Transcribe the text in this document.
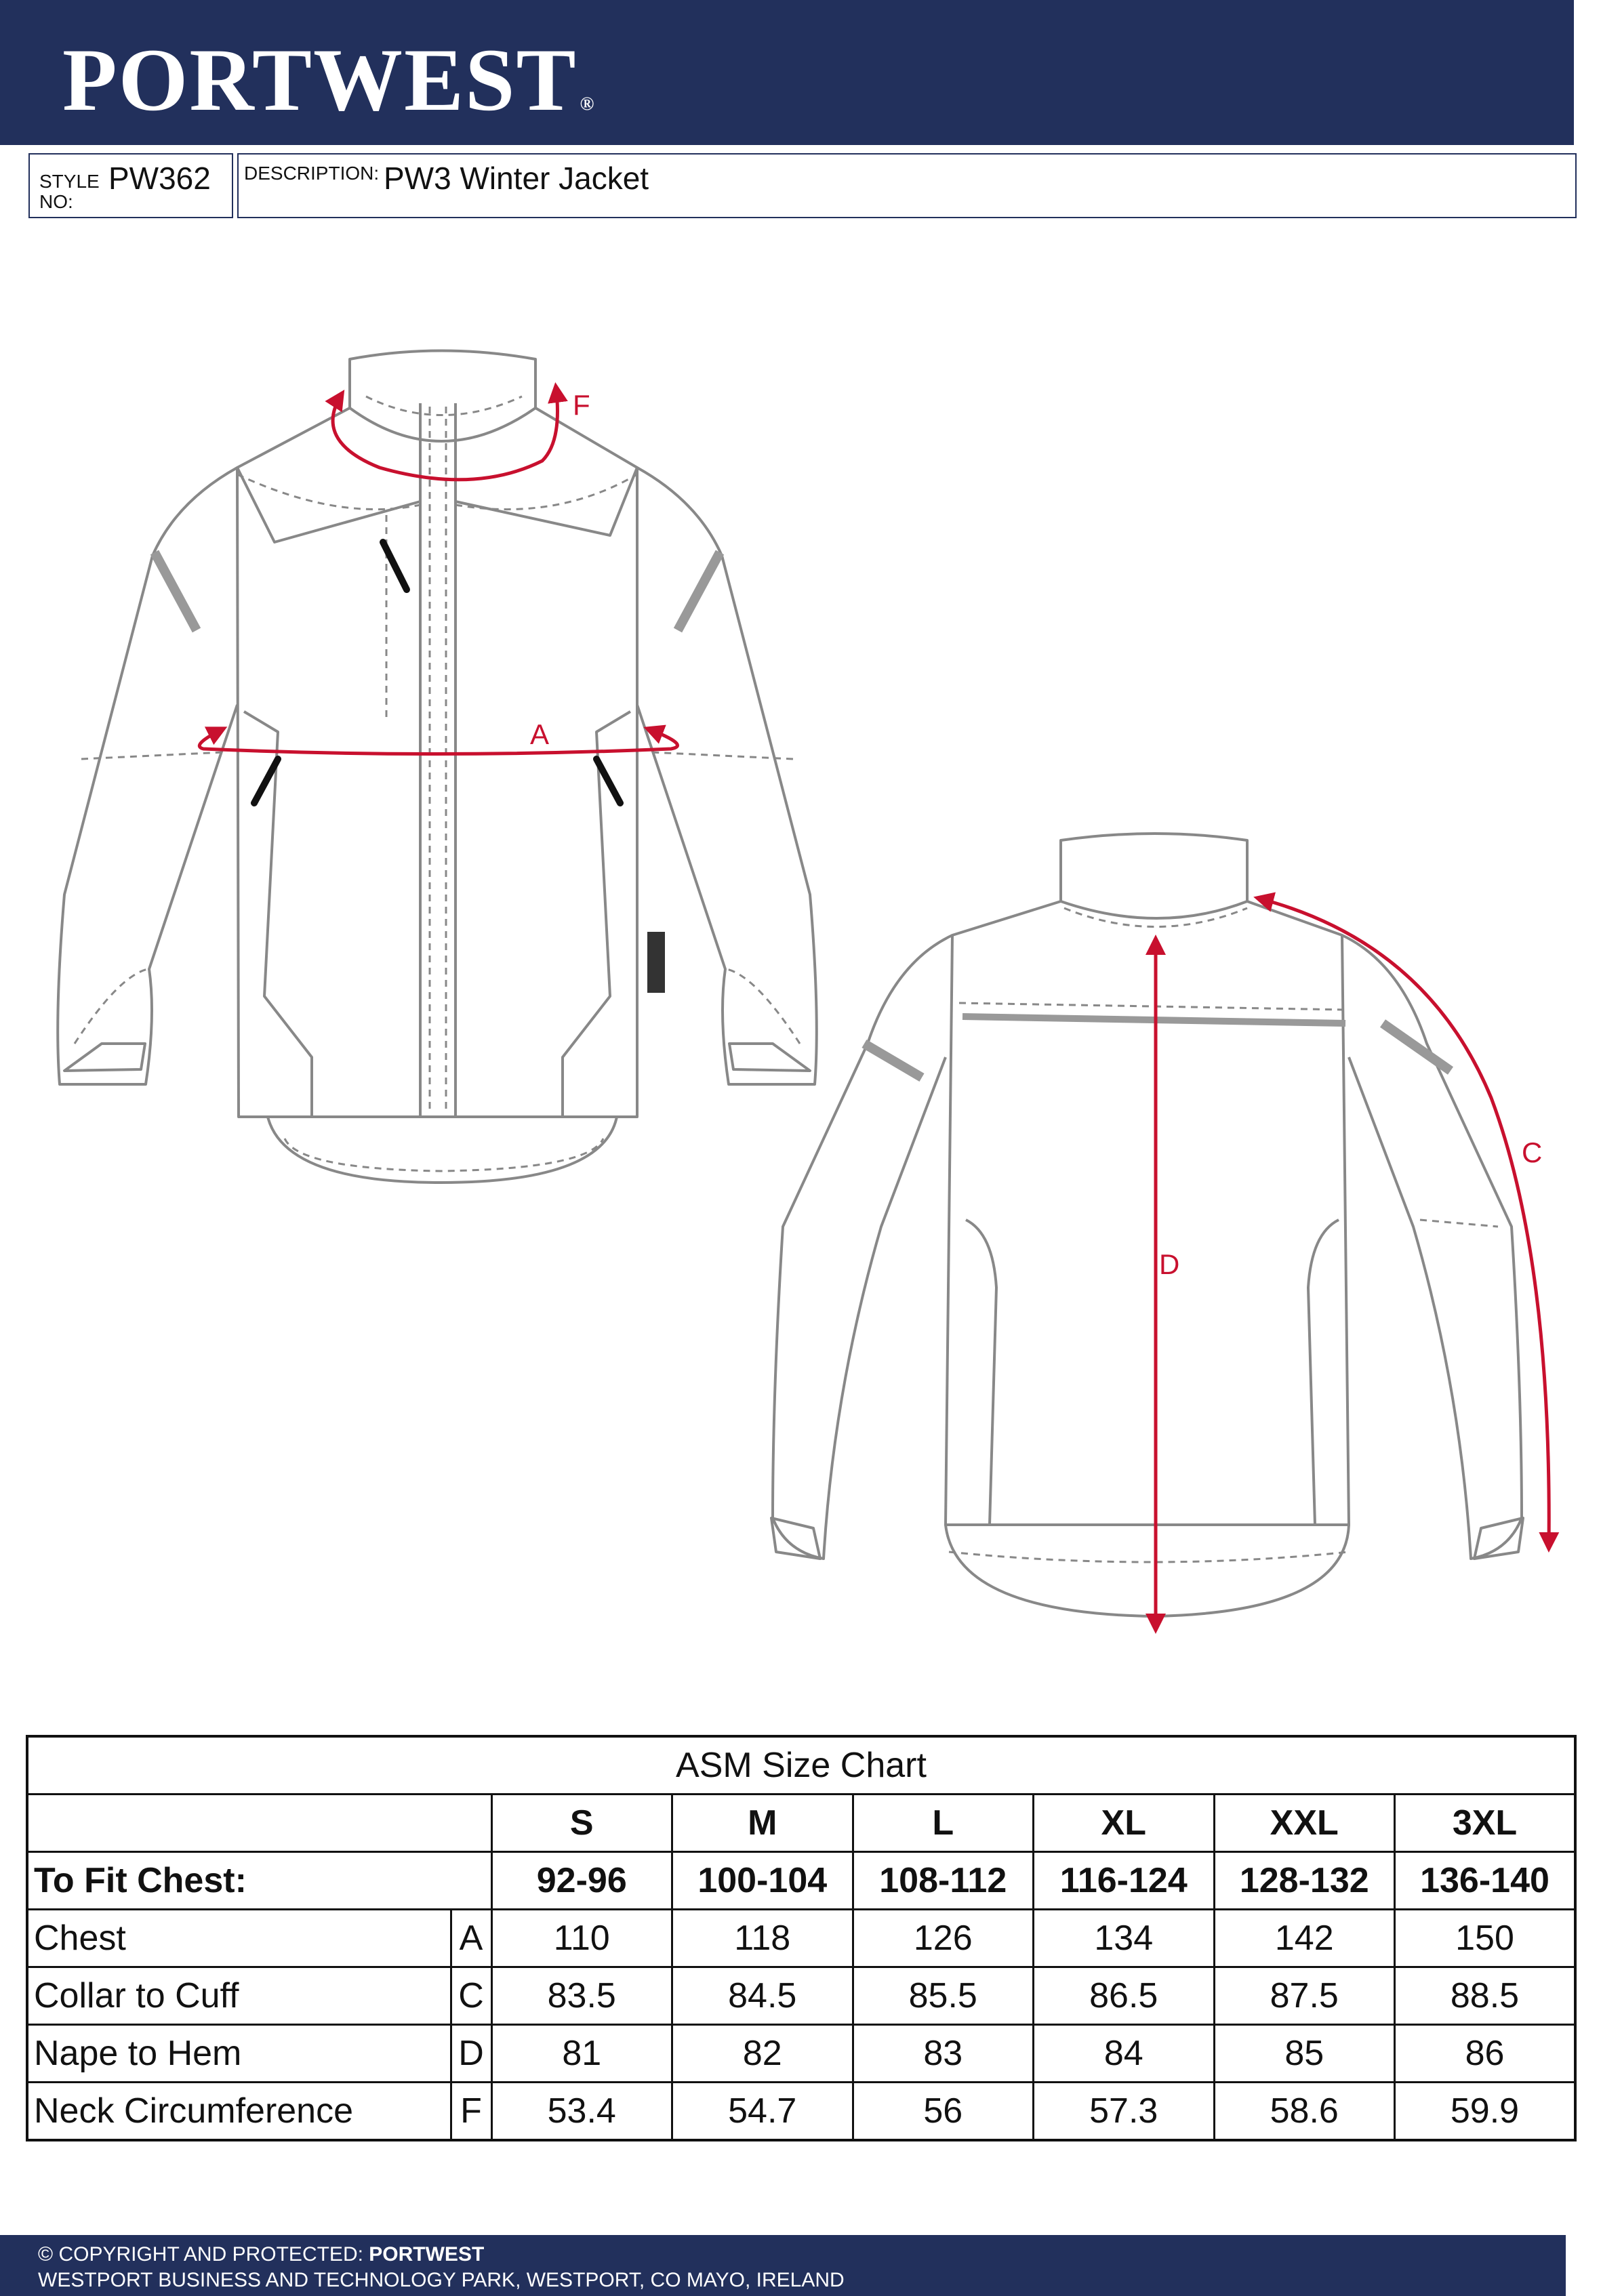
PORTWEST ®
STYLE
NO:
PW362 DESCRIPTION: PW3 Winter Jacket
F
A
D
C
ASM Size Chart							
		S	M	L	XL	XXL	3XL
To Fit Chest:		92-96	100-104	108-112	116-124	128-132	136-140
Chest	A	110	118	126	134	142	150
Collar to Cuff	C	83.5	84.5	85.5	86.5	87.5	88.5
Nape to Hem	D	81	82	83	84	85	86
Neck Circumference	F	53.4	54.7	56	57.3	58.6	59.9
© COPYRIGHT AND PROTECTED: PORTWEST
WESTPORT BUSINESS AND TECHNOLOGY PARK, WESTPORT, CO MAYO, IRELAND
